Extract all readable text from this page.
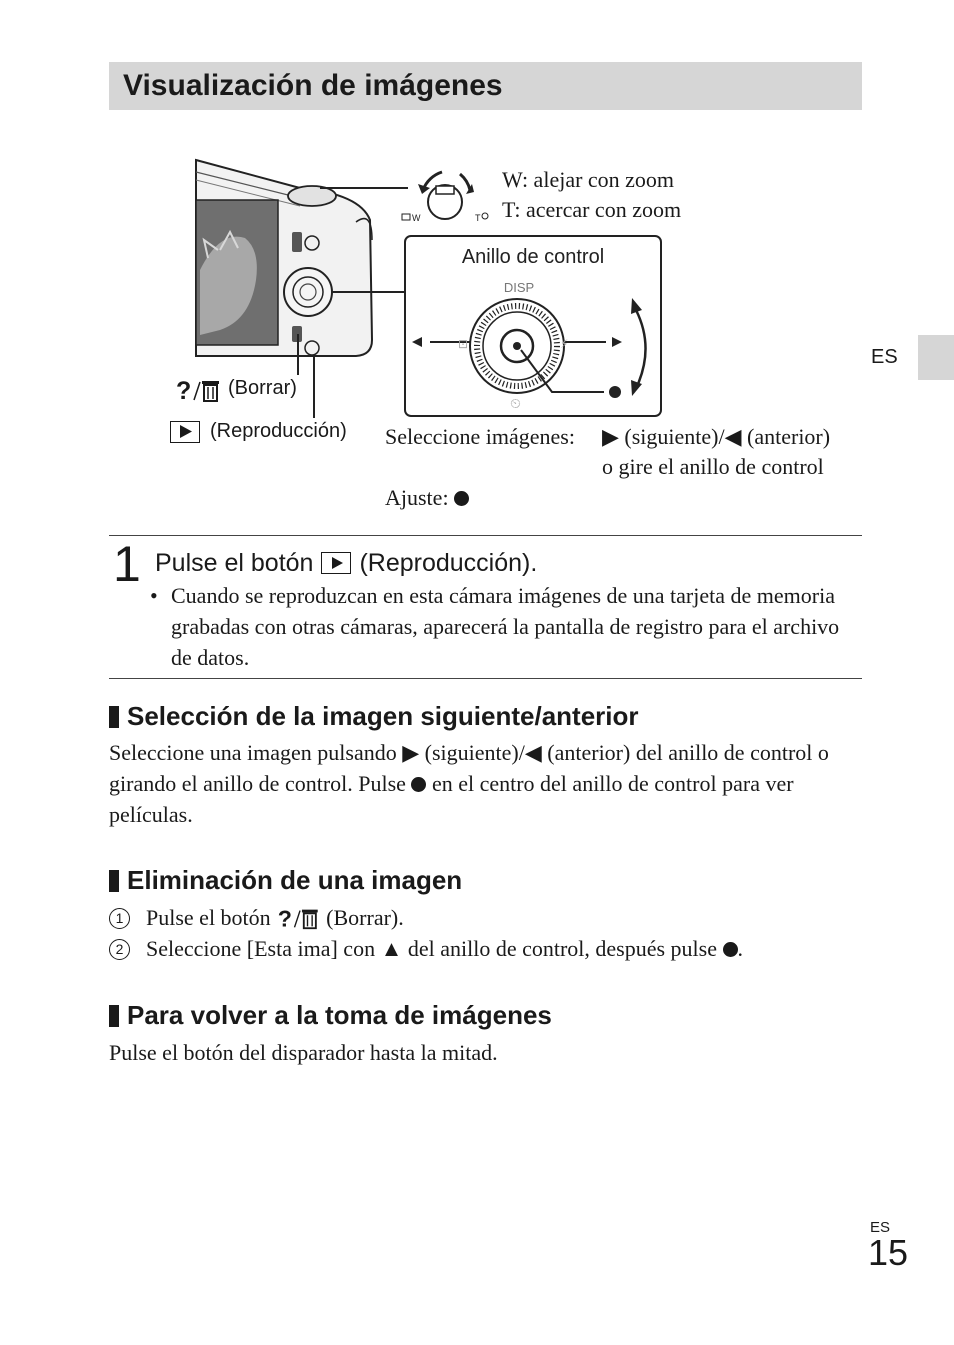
Visualización de imágenes
ES
W	T
Anillo de control
DISP
⊡	⚡
⏲
W: alejar con zoom
T: acercar con zoom
? (Borrar)
(Reproducción) Seleccione imágenes: ▶ (siguiente)/◀ (anterior)
o gire el anillo de control
Ajuste:
1 Pulse el botón (Reproducción).
• Cuando se reproduzcan en esta cámara imágenes de una tarjeta de memoria grabadas con otras cámaras, aparecerá la pantalla de registro para el archivo de datos.
Selección de la imagen siguiente/anterior
Seleccione una imagen pulsando ▶ (siguiente)/◀ (anterior) del anillo de control o girando el anillo de control. Pulse en el centro del anillo de control para ver películas.
Eliminación de una imagen
1 Pulse el botón ? (Borrar).
2 Seleccione [Esta ima] con ▲ del anillo de control, después pulse .
Para volver a la toma de imágenes
Pulse el botón del disparador hasta la mitad.
ES
15
